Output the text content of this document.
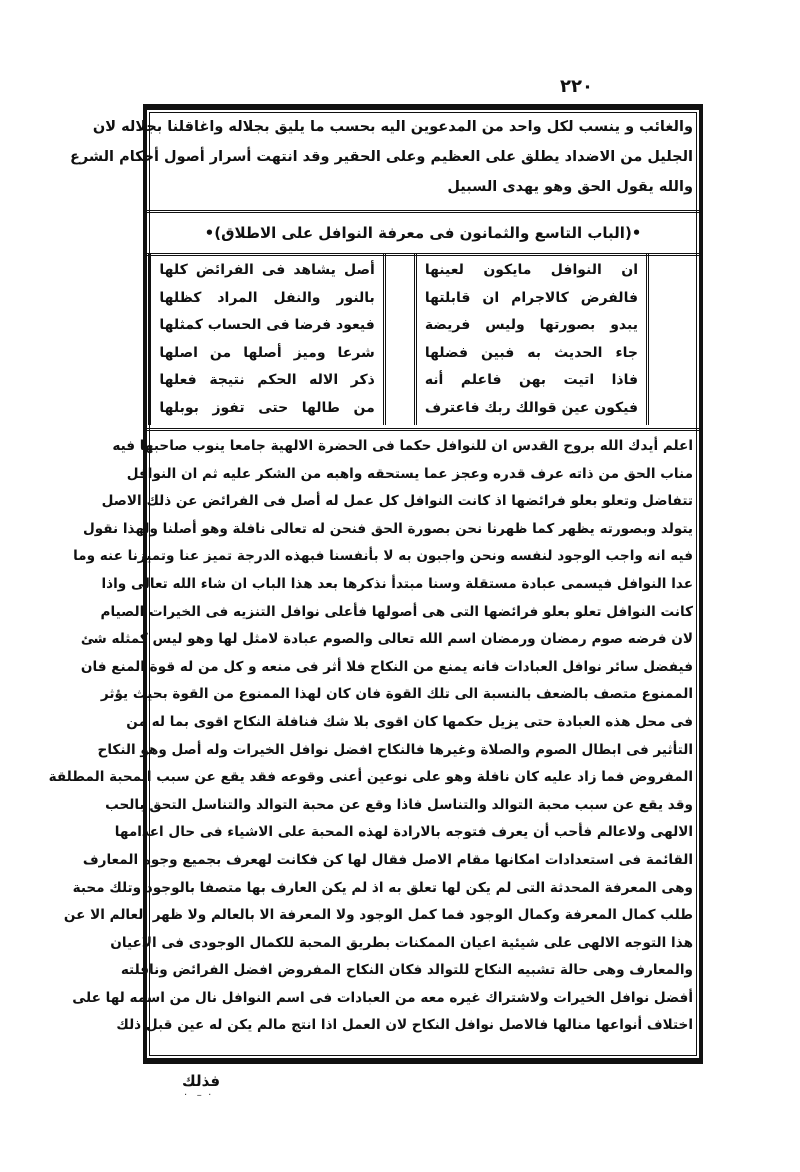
٢٢٠
والغائب و ينسب لكل واحد من المدعوين اليه بحسب ما يليق بجلاله واغاقلنا بجلاله لان
الجليل من الاضداد يطلق على العظيم وعلى الحقير وقد انتهت أسرار أصول أحكام الشرع
والله يقول الحق وهو يهدى السبيل
•(الباب التاسع والثمانون فى معرفة النوافل على الاطلاق)•
ان النوافل مايكون لعينها
فالفرض كالاجرام ان قابلتها
يبدو بصورتها وليس فريضة
جاء الحديث به فبين فضلها
فاذا اتيت بهن فاعلم أنه
فيكون عين قوالك ربك فاعترف
أصل يشاهد فى الفرائض كلها
بالنور والنفل المراد كظلها
فيعود فرضا فى الحساب كمثلها
شرعا وميز أصلها من اصلها
ذكر الاله الحكم نتيجة فعلها
من طالها حتى تفوز بوبلها
اعلم أيدك الله بروح القدس ان للنوافل حكما فى الحضرة الالهية جامعا ينوب صاحبها فيه
مناب الحق من ذاته عرف قدره وعجز عما يستحقه واهبه من الشكر عليه ثم ان النوافل
تتفاضل وتعلو بعلو فرائضها اذ كانت النوافل كل عمل له أصل فى الفرائض عن ذلك الاصل
يتولد وبصورته يظهر كما ظهرنا نحن بصورة الحق فنحن له تعالى نافلة وهو أصلنا ولهذا نقول
فيه انه واجب الوجود لنفسه ونحن واجبون به لا بأنفسنا فبهذه الدرجة تميز عنا وتميزنا عنه وما
عدا النوافل فيسمى عبادة مستقلة وسنا مبتدأ نذكرها بعد هذا الباب ان شاء الله تعالى واذا
كانت النوافل تعلو بعلو فرائضها التى هى أصولها فأعلى نوافل التنزيه فى الخيرات الصيام
لان فرضه صوم رمضان ورمضان اسم الله تعالى والصوم عبادة لامثل لها وهو ليس كمثله شئ
فيفضل سائر نوافل العبادات فانه يمنع من النكاح فلا أثر فى منعه و كل من له قوة المنع فان
الممنوع متصف بالضعف بالنسبة الى تلك القوة فان كان لهذا الممنوع من القوة بحيث يؤثر
فى محل هذه العبادة حتى يزيل حكمها كان اقوى بلا شك فنافلة النكاح اقوى بما له من
التأثير فى ابطال الصوم والصلاة وغيرها فالنكاح افضل نوافل الخيرات وله أصل وهو النكاح
المفروض فما زاد عليه كان نافلة وهو على نوعين أعنى وقوعه فقد يقع عن سبب المحبة المطلقة
وقد يقع عن سبب محبة التوالد والتناسل فاذا وقع عن محبة التوالد والتناسل التحق بالحب
الالهى ولاعالم فأحب أن يعرف فتوجه بالارادة لهذه المحبة على الاشياء فى حال اعدامها
القائمة فى استعدادات امكانها مقام الاصل فقال لها كن فكانت لهعرف بجميع وجوه المعارف
وهى المعرفة المحدثة التى لم يكن لها تعلق به اذ لم يكن العارف بها متصفا بالوجود وتلك محبة
طلب كمال المعرفة وكمال الوجود فما كمل الوجود ولا المعرفة الا بالعالم ولا ظهر العالم الا عن
هذا التوجه الالهى على شيئية اعيان الممكنات بطريق المحبة للكمال الوجودى فى الاعيان
والمعارف وهى حالة تشبيه النكاح للتوالد فكان النكاح المفروض افضل الفرائض ونافلته
أفضل نوافل الخيرات ولاشتراك غيره معه من العبادات فى اسم النوافل نال من اسمه لها على
اختلاف أنواعها منالها فالاصل نوافل النكاح لان العمل اذا انتج مالم يكن له عين قبل ذلك
فذلك
·   –  ·
